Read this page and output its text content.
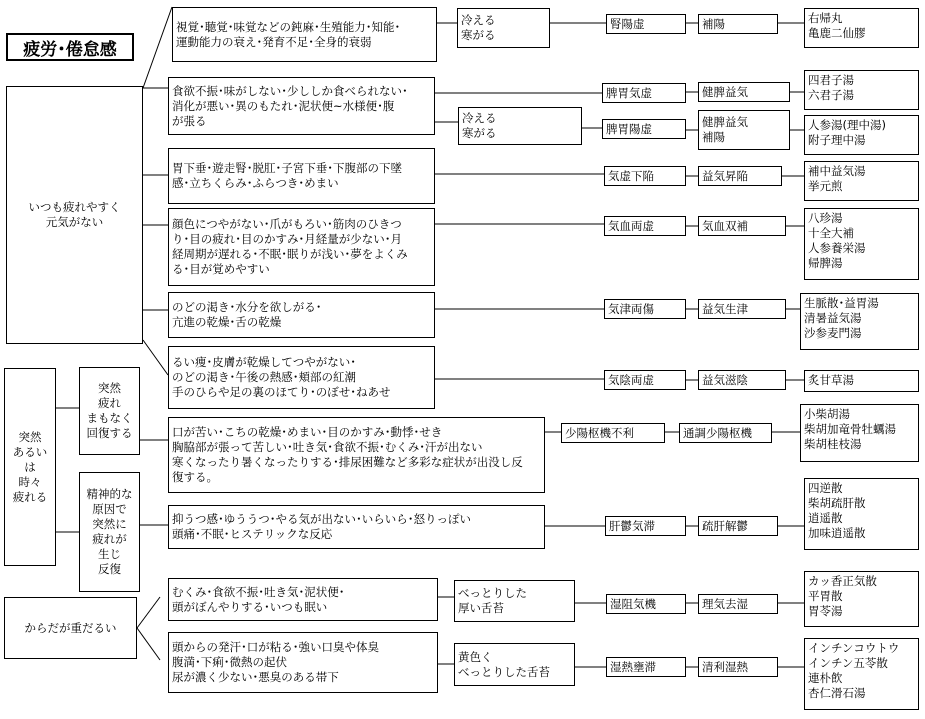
疲労･倦怠感
いつも疲れやすく
元気がない
突然
あるいは
時々
疲れる
突然
疲れ
まもなく
回復する
精神的な
原因で
突然に
疲れが
生じ
反復
からだが重だるい
視覚･聴覚･味覚などの鈍麻･生殖能力･知能･
運動能力の衰え･発育不足･全身的衰弱
食欲不振･味がしない･少ししか食べられない･
消化が悪い･異のもたれ･泥状便~水様便･腹
が張る
胃下垂･遊走腎･脱肛･子宮下垂･下腹部の下墜
感･立ちくらみ･ふらつき･めまい
顔色につやがない･爪がもろい･筋肉のひきつ
り･目の疲れ･目のかすみ･月経量が少ない･月
経周期が遅れる･不眠･眠りが浅い･夢をよくみ
る･目が覚めやすい
のどの渇き･水分を欲しがる･
亢進の乾燥･舌の乾燥
るい痩･皮膚が乾燥してつやがない･
のどの渇き･午後の熱感･頬部の紅潮
手のひらや足の裏のほてり･のぼせ･ねあせ
口が苦い･こちの乾燥･めまい･目のかすみ･動悸･せき
胸脇部が張って苦しい･吐き気･食欲不振･むくみ･汗が出ない
寒くなったり暑くなったりする･排尿困難など多彩な症状が出没し反
復する。
抑うつ感･ゆううつ･やる気が出ない･いらいら･怒りっぽい
頭痛･不眠･ヒステリックな反応
むくみ･食欲不振･吐き気･泥状便･
頭がぼんやりする･いつも眠い
頭からの発汗･口が粘る･強い口臭や体臭
腹満･下痢･微熱の起伏
尿が濃く少ない･悪臭のある帯下
冷える
寒がる
冷える
寒がる
べっとりした
厚い舌苔
黄色く
べっとりした舌苔
腎陽虚
脾胃気虚
脾胃陽虚
気虚下陥
気血両虚
気津両傷
気陰両虚
少陽枢機不利
肝鬱気滞
湿阻気機
湿熱壅滞
補陽
健脾益気
健脾益気
補陽
益気昇陥
気血双補
益気生津
益気滋陰
通調少陽枢機
疏肝解鬱
理気去湿
清利湿熱
右帰丸
亀鹿二仙膠
四君子湯
六君子湯
人参湯(理中湯)
附子理中湯
補中益気湯
挙元煎
八珍湯
十全大補
人参養栄湯
帰脾湯
生脈散･益胃湯
清暑益気湯
沙参麦門湯
炙甘草湯
小柴胡湯
柴胡加竜骨牡蠣湯
柴胡桂枝湯
四逆散
柴胡疏肝散
逍遥散
加味逍遥散
カッ香正気散
平胃散
胃苓湯
インチンコウトウ
インチン五苓散
連朴飲
杏仁滑石湯
